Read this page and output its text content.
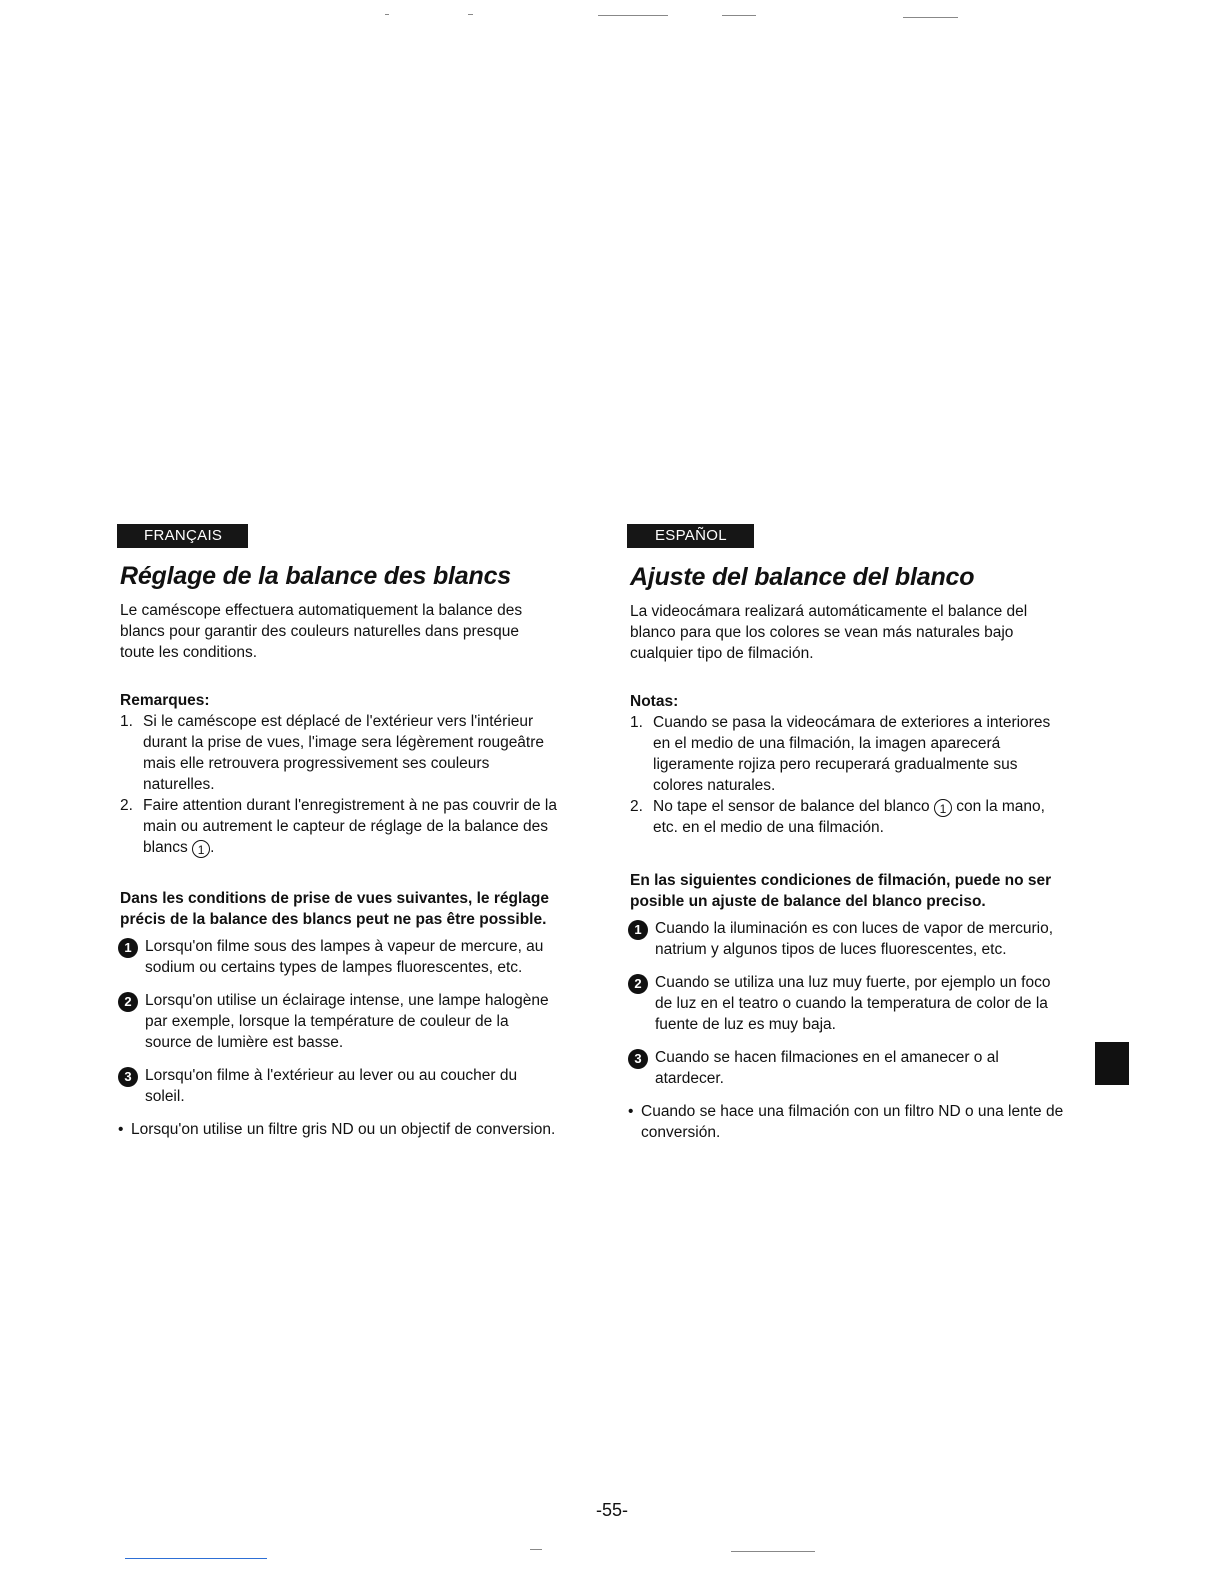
FRANÇAIS
Réglage de la balance des blancs

Le caméscope effectuera automatiquement la balance des blancs pour garantir des couleurs naturelles dans presque toute les conditions.

Remarques:
1. Si le caméscope est déplacé de l'extérieur vers l'intérieur durant la prise de vues, l'image sera légèrement rougeâtre mais elle retrouvera progressivement ses couleurs naturelles.
2. Faire attention durant l'enregistrement à ne pas couvrir de la main ou autrement le capteur de réglage de la balance des blancs 1 .
Dans les conditions de prise de vues suivantes, le réglage précis de la balance des blancs peut ne pas être possible.
1 Lorsqu'on filme sous des lampes à vapeur de mercure, au sodium ou certains types de lampes fluorescentes, etc.
2 Lorsqu'on utilise un éclairage intense, une lampe halogène par exemple, lorsque la température de couleur de la source de lumière est basse.
3 Lorsqu'on filme à l'extérieur au lever ou au coucher du soleil.
• Lorsqu'on utilise un filtre gris ND ou un objectif de conversion.
ESPAÑOL
Ajuste del balance del blanco

La videocámara realizará automáticamente el balance del blanco para que los colores se vean más naturales bajo cualquier tipo de filmación.

Notas:
1. Cuando se pasa la videocámara de exteriores a interiores en el medio de una filmación, la imagen aparecerá ligeramente rojiza pero recuperará gradualmente sus colores naturales.
2. No tape el sensor de balance del blanco 1 con la mano, etc. en el medio de una filmación.
En las siguientes condiciones de filmación, puede no ser posible un ajuste de balance del blanco preciso.
1 Cuando la iluminación es con luces de vapor de mercurio, natrium y algunos tipos de luces fluorescentes, etc.
2 Cuando se utiliza una luz muy fuerte, por ejemplo un foco de luz en el teatro o cuando la temperatura de color de la fuente de luz es muy baja.
3 Cuando se hacen filmaciones en el amanecer o al atardecer.
• Cuando se hace una filmación con un filtro ND o una lente de conversión.
-55-
